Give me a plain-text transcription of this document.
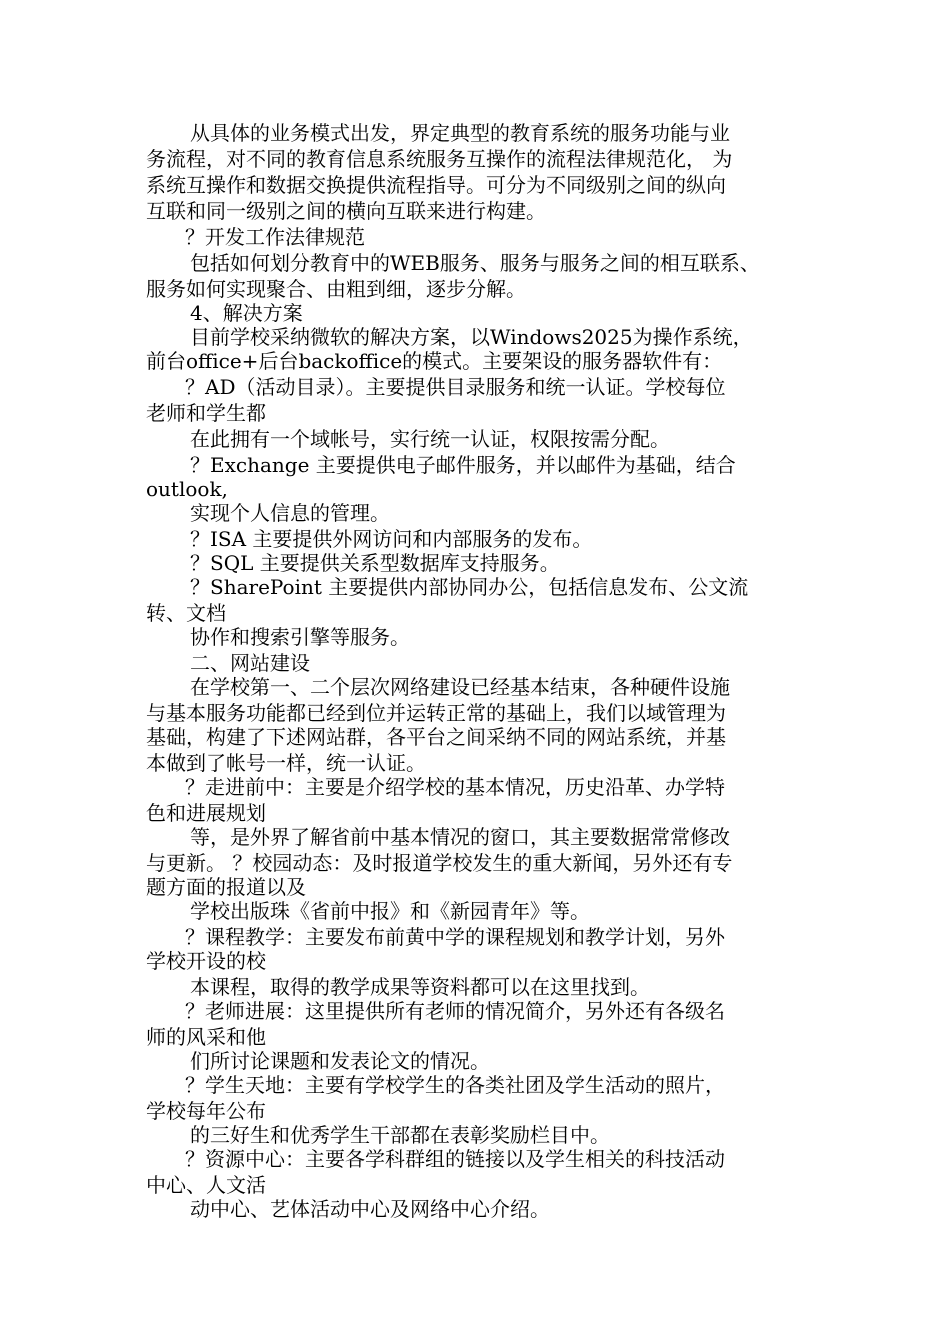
从具体的业务模式出发，界定典型的教育系统的服务功能与业

务流程，对不同的教育信息系统服务互操作的流程法律规范化， 为

系统互操作和数据交换提供流程指导。可分为不同级别之间的纵向

互联和同一级别之间的横向互联来进行构建。

？开发工作法律规范

包括如何划分教育中的WEB服务、服务与服务之间的相互联系、

服务如何实现聚合、由粗到细，逐步分解。

4、解决方案

目前学校采纳微软的解决方案，以Windows2025为操作系统，

前台office+后台backoffice的模式。主要架设的服务器软件有：

？AD（活动目录）。主要提供目录服务和统一认证。学校每位

老师和学生都

在此拥有一个域帐号，实行统一认证，权限按需分配。

？Exchange 主要提供电子邮件服务，并以邮件为基础，结合

outlook,

实现个人信息的管理。

？ISA 主要提供外网访问和内部服务的发布。

？SQL 主要提供关系型数据库支持服务。

？SharePoint 主要提供内部协同办公，包括信息发布、公文流

转、文档

协作和搜索引擎等服务。

二、网站建设

在学校第一、二个层次网络建设已经基本结束，各种硬件设施

与基本服务功能都已经到位并运转正常的基础上，我们以域管理为

基础，构建了下述网站群，各平台之间采纳不同的网站系统，并基

本做到了帐号一样，统一认证。

？走进前中：主要是介绍学校的基本情况，历史沿革、办学特

色和进展规划

等，是外界了解省前中基本情况的窗口，其主要数据常常修改

与更新。 ？校园动态：及时报道学校发生的重大新闻，另外还有专

题方面的报道以及

学校出版珠《省前中报》和《新园青年》等。

？课程教学：主要发布前黄中学的课程规划和教学计划，另外

学校开设的校

本课程，取得的教学成果等资料都可以在这里找到。

？老师进展：这里提供所有老师的情况简介，另外还有各级名

师的风采和他

们所讨论课题和发表论文的情况。

？学生天地：主要有学校学生的各类社团及学生活动的照片，

学校每年公布

的三好生和优秀学生干部都在表彰奖励栏目中。

？资源中心：主要各学科群组的链接以及学生相关的科技活动

中心、人文活

动中心、艺体活动中心及网络中心介绍。
